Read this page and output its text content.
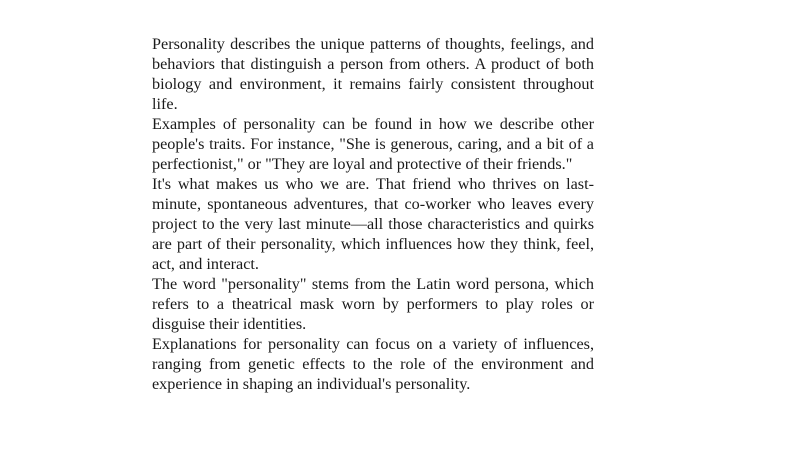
Personality describes the unique patterns of thoughts, feelings, and behaviors that distinguish a person from others. A product of both biology and environment, it remains fairly consistent throughout life.

Examples of personality can be found in how we describe other people's traits. For instance, "She is generous, caring, and a bit of a perfectionist," or "They are loyal and protective of their friends."

It's what makes us who we are. That friend who thrives on last-minute, spontaneous adventures, that co-worker who leaves every project to the very last minute—all those characteristics and quirks are part of their personality, which influences how they think, feel, act, and interact.

The word "personality" stems from the Latin word persona, which refers to a theatrical mask worn by performers to play roles or disguise their identities.

Explanations for personality can focus on a variety of influences, ranging from genetic effects to the role of the environment and experience in shaping an individual's personality.
